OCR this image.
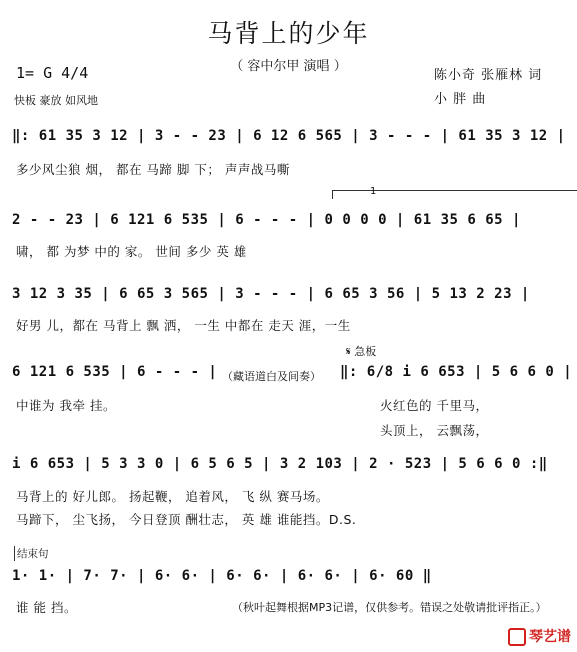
马背上的少年
（ 容中尔甲 演唱 ）
1= G 4/4
快板 豪放 如风地
陈小奇 张雁林 词
小 胖 曲
‖: 61 35 3 12 | 3 - - 23 | 6 12 6 565 | 3 - - - | 61 35 3 12 |
多少风尘狼 烟， 都在 马蹄 脚 下； 声声战马嘶
1
2 - - 23 | 6 121 6 535 | 6 - - - | 0 0 0 0 | 61 35 6 65 |
啸， 都 为梦 中的 家。 世间 多少 英 雄
3 12 3 35 | 6 65 3 565 | 3 - - - | 6 65 3 56 | 5 13 2 23 |
好男 儿，都在 马背上 飘 洒， 一生 中都在 走天 涯，一生
6 121 6 535 | 6 - - - | （藏语道白及间奏）
𝄋 急板
‖: 6/8 i 6 653 | 5 6 6 0 |
中谁为 我牵 挂。	火红色的 千里马，
头顶上， 云飘荡，
i 6 653 | 5 3 3 0 | 6 5 6 5 | 3 2 103 | 2 · 523 | 5 6 6 0 :‖
马背上的 好儿郎。 扬起鞭， 追着风， 飞 纵 赛马场。
马蹄下， 尘飞扬， 今日登顶 酬壮志， 英 雄 谁能挡。D.S.
结束句
1· 1· | 7· 7· | 6· 6· | 6· 6· | 6· 6· | 6· 60 ‖
谁 能 挡。	（秋叶起舞根据MP3记谱，仅供参考。错误之处敬请批评指正。）
琴艺谱
